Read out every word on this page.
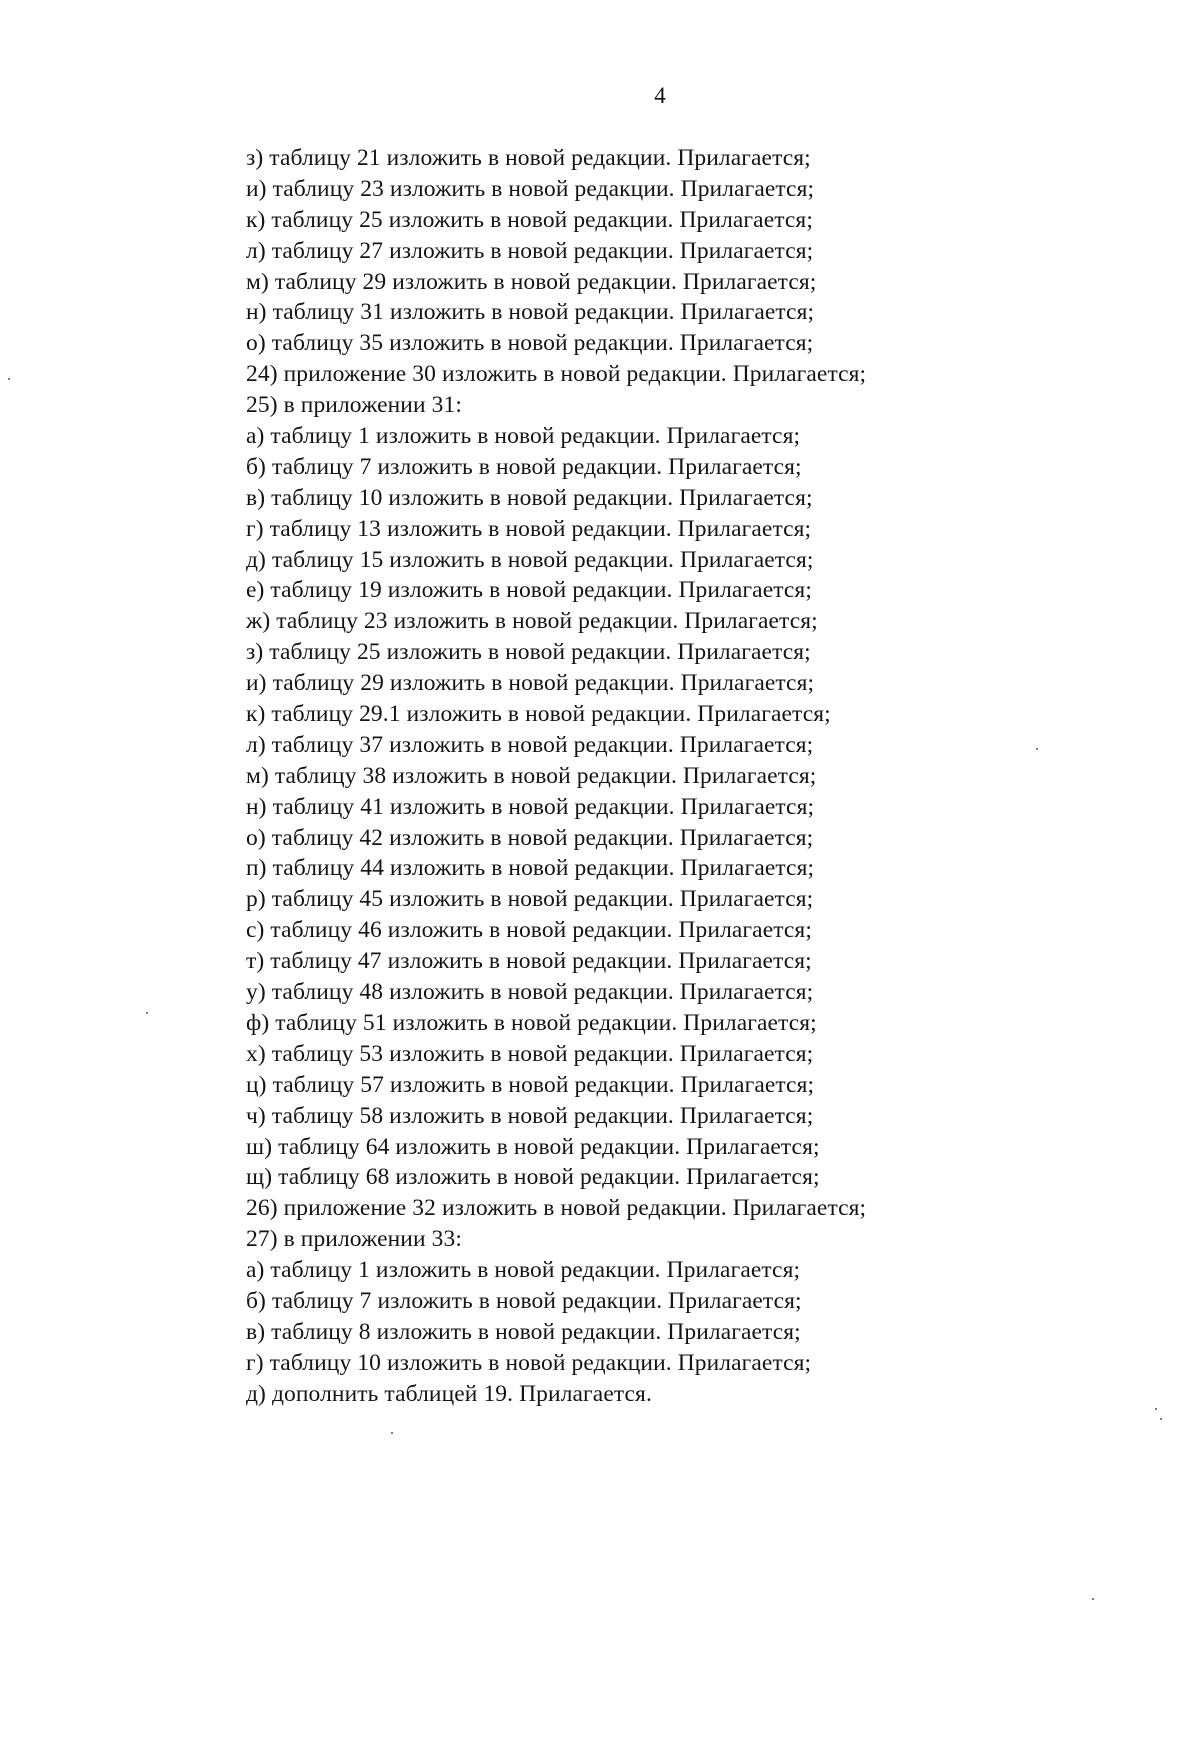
4
з) таблицу 21 изложить в новой редакции. Прилагается;
и) таблицу 23 изложить в новой редакции. Прилагается;
к) таблицу 25 изложить в новой редакции. Прилагается;
л) таблицу 27 изложить в новой редакции. Прилагается;
м) таблицу 29 изложить в новой редакции. Прилагается;
н) таблицу 31 изложить в новой редакции. Прилагается;
о) таблицу 35 изложить в новой редакции. Прилагается;
24) приложение 30 изложить в новой редакции. Прилагается;
25) в приложении 31:
а) таблицу 1 изложить в новой редакции. Прилагается;
б) таблицу 7 изложить в новой редакции. Прилагается;
в) таблицу 10 изложить в новой редакции. Прилагается;
г) таблицу 13 изложить в новой редакции. Прилагается;
д) таблицу 15 изложить в новой редакции. Прилагается;
е) таблицу 19 изложить в новой редакции. Прилагается;
ж) таблицу 23 изложить в новой редакции. Прилагается;
з) таблицу 25 изложить в новой редакции. Прилагается;
и) таблицу 29 изложить в новой редакции. Прилагается;
к) таблицу 29.1 изложить в новой редакции. Прилагается;
л) таблицу 37 изложить в новой редакции. Прилагается;
м) таблицу 38 изложить в новой редакции. Прилагается;
н) таблицу 41 изложить в новой редакции. Прилагается;
о) таблицу 42 изложить в новой редакции. Прилагается;
п) таблицу 44 изложить в новой редакции. Прилагается;
р) таблицу 45 изложить в новой редакции. Прилагается;
с) таблицу 46 изложить в новой редакции. Прилагается;
т) таблицу 47 изложить в новой редакции. Прилагается;
у) таблицу 48 изложить в новой редакции. Прилагается;
ф) таблицу 51 изложить в новой редакции. Прилагается;
х) таблицу 53 изложить в новой редакции. Прилагается;
ц) таблицу 57 изложить в новой редакции. Прилагается;
ч) таблицу 58 изложить в новой редакции. Прилагается;
ш) таблицу 64 изложить в новой редакции. Прилагается;
щ) таблицу 68 изложить в новой редакции. Прилагается;
26) приложение 32 изложить в новой редакции. Прилагается;
27) в приложении 33:
а) таблицу 1 изложить в новой редакции. Прилагается;
б) таблицу 7 изложить в новой редакции. Прилагается;
в) таблицу 8 изложить в новой редакции. Прилагается;
г) таблицу 10 изложить в новой редакции. Прилагается;
д) дополнить таблицей 19. Прилагается.
